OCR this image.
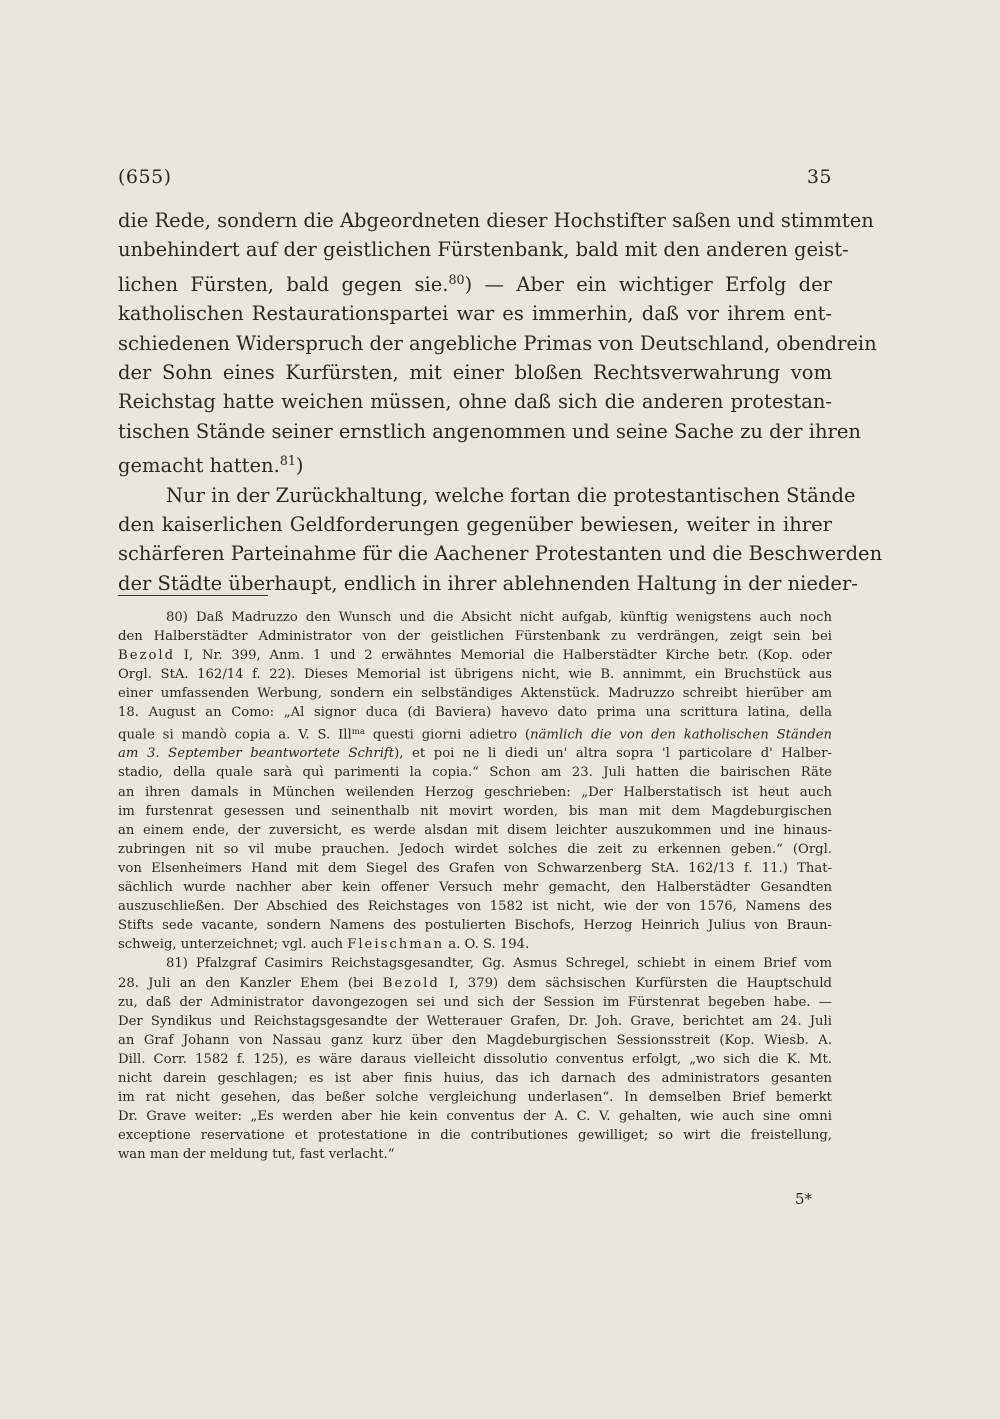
(655)	35
die Rede, sondern die Abgeordneten dieser Hochstifter saßen und stimmten
unbehindert auf der geistlichen Fürstenbank, bald mit den anderen geist-
lichen Fürsten, bald gegen sie.$^{80}$) — Aber ein wichtiger Erfolg der
katholischen Restaurationspartei war es immerhin, daß vor ihrem ent-
schiedenen Widerspruch der angebliche Primas von Deutschland, obendrein
der Sohn eines Kurfürsten, mit einer bloßen Rechtsverwahrung vom
Reichstag hatte weichen müssen, ohne daß sich die anderen protestan-
tischen Stände seiner ernstlich angenommen und seine Sache zu der ihren
gemacht hatten.$^{81}$)
Nur in der Zurückhaltung, welche fortan die protestantischen Stände
den kaiserlichen Geldforderungen gegenüber bewiesen, weiter in ihrer
schärferen Parteinahme für die Aachener Protestanten und die Beschwerden
der Städte überhaupt, endlich in ihrer ablehnenden Haltung in der nieder-
80) Daß Madruzzo den Wunsch und die Absicht nicht aufgab, künftig wenigstens auch noch
den Halberstädter Administrator von der geistlichen Fürstenbank zu verdrängen, zeigt sein bei
Bezold I, Nr. 399, Anm. 1 und 2 erwähntes Memorial die Halberstädter Kirche betr. (Kop. oder
Orgl. StA. 162/14 f. 22). Dieses Memorial ist übrigens nicht, wie B. annimmt, ein Bruchstück aus
einer umfassenden Werbung, sondern ein selbständiges Aktenstück. Madruzzo schreibt hierüber am
18. August an Como: „Al signor duca (di Baviera) havevo dato prima una scrittura latina, della
quale si mandò copia a. V. S. Ill$^{ma}$ questi giorni adietro (nämlich die von den katholischen Ständen
am 3. September beantwortete Schrift), et poi ne li diedi un' altra sopra 'l particolare d' Halber-
stadio, della quale sarà quì parimenti la copia.“ Schon am 23. Juli hatten die bairischen Räte
an ihren damals in München weilenden Herzog geschrieben: „Der Halberstatisch ist heut auch
im furstenrat gesessen und seinenthalb nit movirt worden, bis man mit dem Magdeburgischen
an einem ende, der zuversicht, es werde alsdan mit disem leichter auszukommen und ine hinaus-
zubringen nit so vil mube prauchen. Jedoch wirdet solches die zeit zu erkennen geben.“ (Orgl.
von Elsenheimers Hand mit dem Siegel des Grafen von Schwarzenberg StA. 162/13 f. 11.) That-
sächlich wurde nachher aber kein offener Versuch mehr gemacht, den Halberstädter Gesandten
auszuschließen. Der Abschied des Reichstages von 1582 ist nicht, wie der von 1576, Namens des
Stifts sede vacante, sondern Namens des postulierten Bischofs, Herzog Heinrich Julius von Braun-
schweig, unterzeichnet; vgl. auch Fleischman a. O. S. 194.
81) Pfalzgraf Casimirs Reichstagsgesandter, Gg. Asmus Schregel, schiebt in einem Brief vom
28. Juli an den Kanzler Ehem (bei Bezold I, 379) dem sächsischen Kurfürsten die Hauptschuld
zu, daß der Administrator davongezogen sei und sich der Session im Fürstenrat begeben habe. —
Der Syndikus und Reichstagsgesandte der Wetterauer Grafen, Dr. Joh. Grave, berichtet am 24. Juli
an Graf Johann von Nassau ganz kurz über den Magdeburgischen Sessionsstreit (Kop. Wiesb. A.
Dill. Corr. 1582 f. 125), es wäre daraus vielleicht dissolutio conventus erfolgt, „wo sich die K. Mt.
nicht darein geschlagen; es ist aber finis huius, das ich darnach des administrators gesanten
im rat nicht gesehen, das beßer solche vergleichung underlasen“. In demselben Brief bemerkt
Dr. Grave weiter: „Es werden aber hie kein conventus der A. C. V. gehalten, wie auch sine omni
exceptione reservatione et protestatione in die contributiones gewilliget; so wirt die freistellung,
wan man der meldung tut, fast verlacht.“
5*
